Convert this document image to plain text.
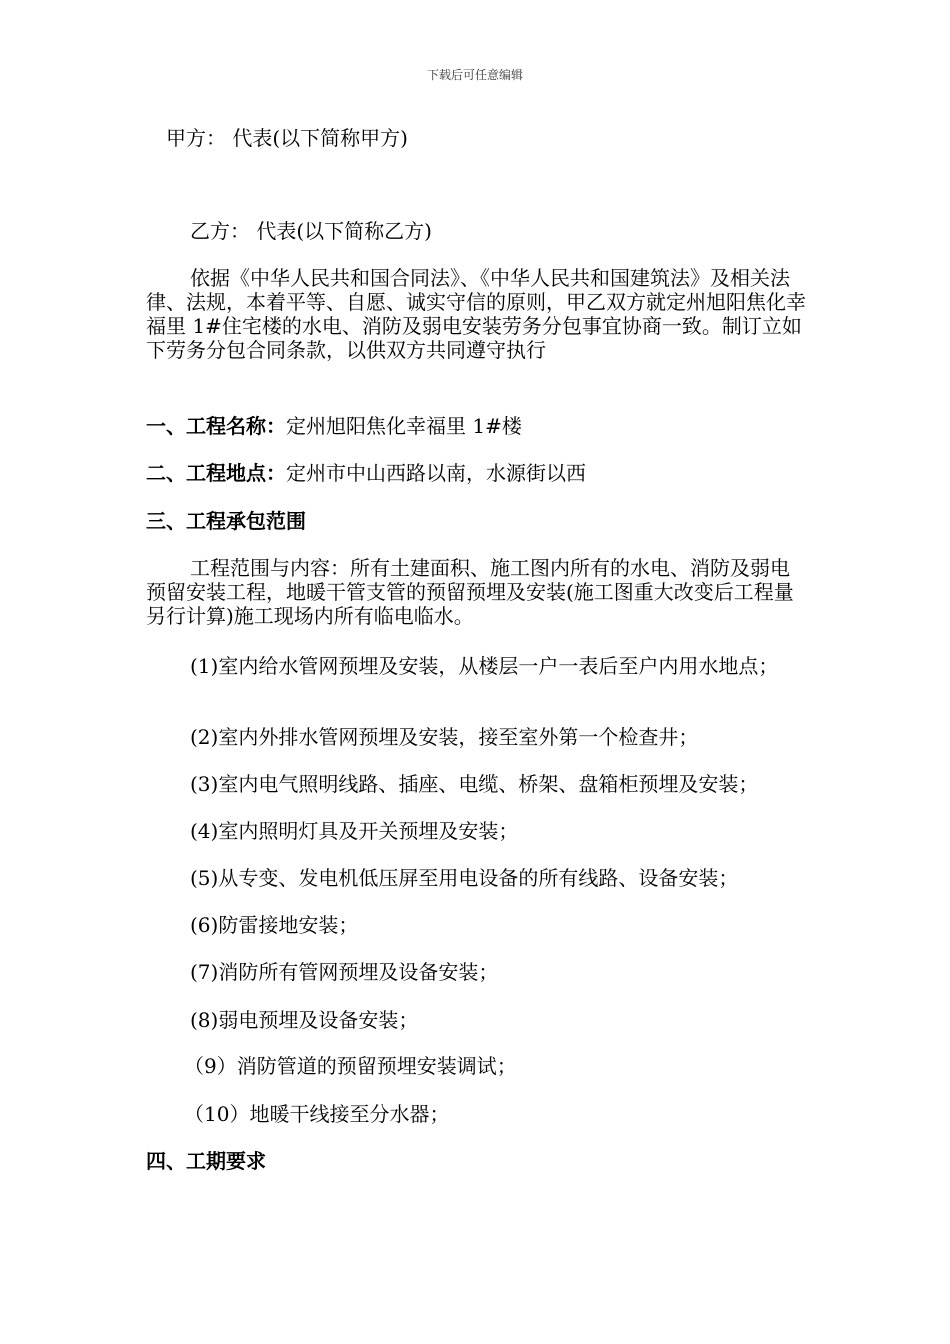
下载后可任意编辑
甲方： 代表(以下简称甲方)
乙方： 代表(以下简称乙方)
依据《中华人民共和国合同法》、《中华人民共和国建筑法》及相关法律、法规，本着平等、自愿、诚实守信的原则，甲乙双方就定州旭阳焦化幸福里 1#住宅楼的水电、消防及弱电安装劳务分包事宜协商一致。制订立如下劳务分包合同条款，以供双方共同遵守执行
一、工程名称：定州旭阳焦化幸福里 1#楼
二、工程地点：定州市中山西路以南，水源街以西
三、工程承包范围
工程范围与内容：所有土建面积、施工图内所有的水电、消防及弱电预留安装工程，地暖干管支管的预留预埋及安装(施工图重大改变后工程量另行计算)施工现场内所有临电临水。
(1)室内给水管网预埋及安装，从楼层一户一表后至户内用水地点；
(2)室内外排水管网预埋及安装，接至室外第一个检查井；
(3)室内电气照明线路、插座、电缆、桥架、盘箱柜预埋及安装；
(4)室内照明灯具及开关预埋及安装；
(5)从专变、发电机低压屏至用电设备的所有线路、设备安装；
(6)防雷接地安装；
(7)消防所有管网预埋及设备安装；
(8)弱电预埋及设备安装；
（9）消防管道的预留预埋安装调试；
（10）地暖干线接至分水器；
四、工期要求
